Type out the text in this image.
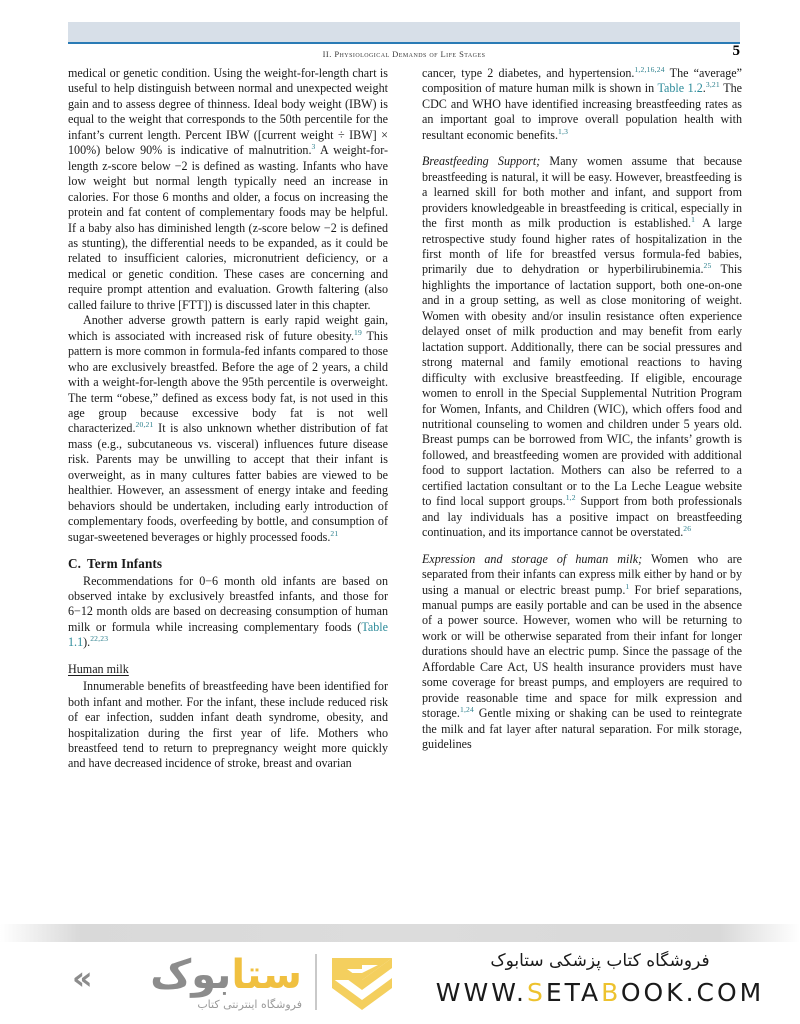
II. Physiological Demands of Life Stages	5

medical or genetic condition. Using the weight-for-length chart is useful to help distinguish between normal and unexpected weight gain and to assess degree of thinness. Ideal body weight (IBW) is equal to the weight that corresponds to the 50th percentile for the infant’s current length. Percent IBW ([current weight ÷ IBW] × 100%) below 90% is indicative of malnutrition.$^3$ A weight-for-length z-score below −2 is defined as wasting. Infants who have low weight but normal length typically need an increase in calories. For those 6 months and older, a focus on increasing the protein and fat content of complementary foods may be helpful. If a baby also has diminished length (z-score below −2 is defined as stunting), the differential needs to be expanded, as it could be related to insufficient calories, micronutrient deficiency, or a medical or genetic condition. These cases are concerning and require prompt attention and evaluation. Growth faltering (also called failure to thrive [FTT]) is discussed later in this chapter.

Another adverse growth pattern is early rapid weight gain, which is associated with increased risk of future obesity.$^{19}$ This pattern is more common in formula-fed infants compared to those who are exclusively breastfed. Before the age of 2 years, a child with a weight-for-length above the 95th percentile is overweight. The term “obese,” defined as excess body fat, is not used in this age group because excessive body fat is not well characterized.$^{20,21}$ It is also unknown whether distribution of fat mass (e.g., subcutaneous vs. visceral) influences future disease risk. Parents may be unwilling to accept that their infant is overweight, as in many cultures fatter babies are viewed to be healthier. However, an assessment of energy intake and feeding behaviors should be undertaken, including early introduction of complementary foods, overfeeding by bottle, and consumption of sugar-sweetened beverages or highly processed foods.$^{21}$

C. Term Infants

Recommendations for 0−6 month old infants are based on observed intake by exclusively breastfed infants, and those for 6−12 month olds are based on decreasing consumption of human milk or formula while increasing complementary foods (Table 1.1).$^{22,23}$

Human milk

Innumerable benefits of breastfeeding have been identified for both infant and mother. For the infant, these include reduced risk of ear infection, sudden infant death syndrome, obesity, and hospitalization during the first year of life. Mothers who breastfeed tend to return to prepregnancy weight more quickly and have decreased incidence of stroke, breast and ovarian

cancer, type 2 diabetes, and hypertension.$^{1,2,16,24}$ The “average” composition of mature human milk is shown in Table 1.2.$^{3,21}$ The CDC and WHO have identified increasing breastfeeding rates as an important goal to improve overall population health with resultant economic benefits.$^{1,3}$

Breastfeeding Support; Many women assume that because breastfeeding is natural, it will be easy. However, breastfeeding is a learned skill for both mother and infant, and support from providers knowledgeable in breastfeeding is critical, especially in the first month as milk production is established.$^1$ A large retrospective study found higher rates of hospitalization in the first month of life for breastfed versus formula-fed babies, primarily due to dehydration or hyperbilirubinemia.$^{25}$ This highlights the importance of lactation support, both one-on-one and in a group setting, as well as close monitoring of weight. Women with obesity and/or insulin resistance often experience delayed onset of milk production and may benefit from early lactation support. Additionally, there can be social pressures and strong maternal and family emotional reactions to having difficulty with exclusive breastfeeding. If eligible, encourage women to enroll in the Special Supplemental Nutrition Program for Women, Infants, and Children (WIC), which offers food and nutritional counseling to women and children under 5 years old. Breast pumps can be borrowed from WIC, the infants’ growth is followed, and breastfeeding women are provided with additional food to support lactation. Mothers can also be referred to a certified lactation consultant or to the La Leche League website to find local support groups.$^{1,2}$ Support from both professionals and lay individuals has a positive impact on breastfeeding continuation, and its importance cannot be overstated.$^{26}$

Expression and storage of human milk; Women who are separated from their infants can express milk either by hand or by using a manual or electric breast pump.$^1$ For brief separations, manual pumps are easily portable and can be used in the absence of a power source. However, women who will be returning to work or will be otherwise separated from their infant for longer durations should have an electric pump. Since the passage of the Affordable Care Act, US health insurance providers must have some coverage for breast pumps, and employers are required to provide reasonable time and space for milk expression and storage.$^{1,24}$ Gentle mixing or shaking can be used to reintegrate the milk and fat layer after natural separation. For milk storage, guidelines

«	ستابوک
فروشگاه اینترنتی کتاب
فروشگاه کتاب پزشکی ستابوک
WWW.SETABOOK.COM
